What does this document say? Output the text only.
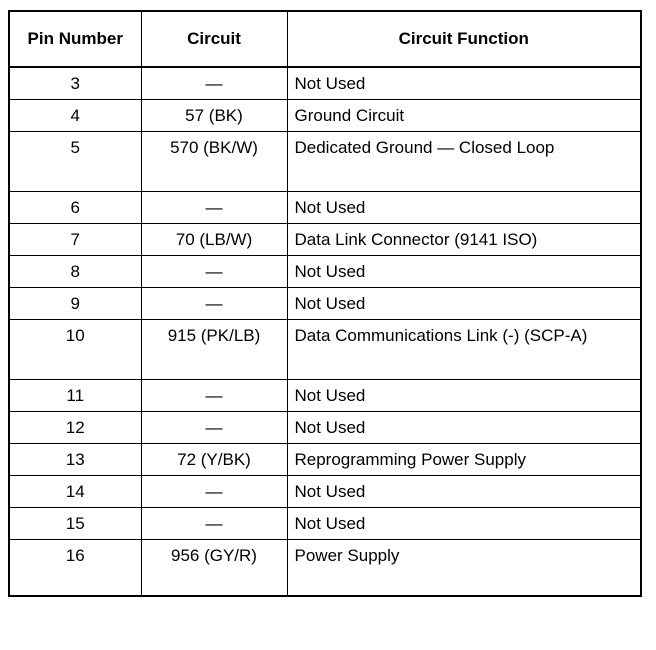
Pin Number	Circuit	Circuit Function
3	—	Not Used
4	57 (BK)	Ground Circuit
5	570 (BK/W)	Dedicated Ground — Closed Loop
6	—	Not Used
7	70 (LB/W)	Data Link Connector (9141 ISO)
8	—	Not Used
9	—	Not Used
10	915 (PK/LB)	Data Communications Link (-) (SCP-A)
11	—	Not Used
12	—	Not Used
13	72 (Y/BK)	Reprogramming Power Supply
14	—	Not Used
15	—	Not Used
16	956 (GY/R)	Power Supply
